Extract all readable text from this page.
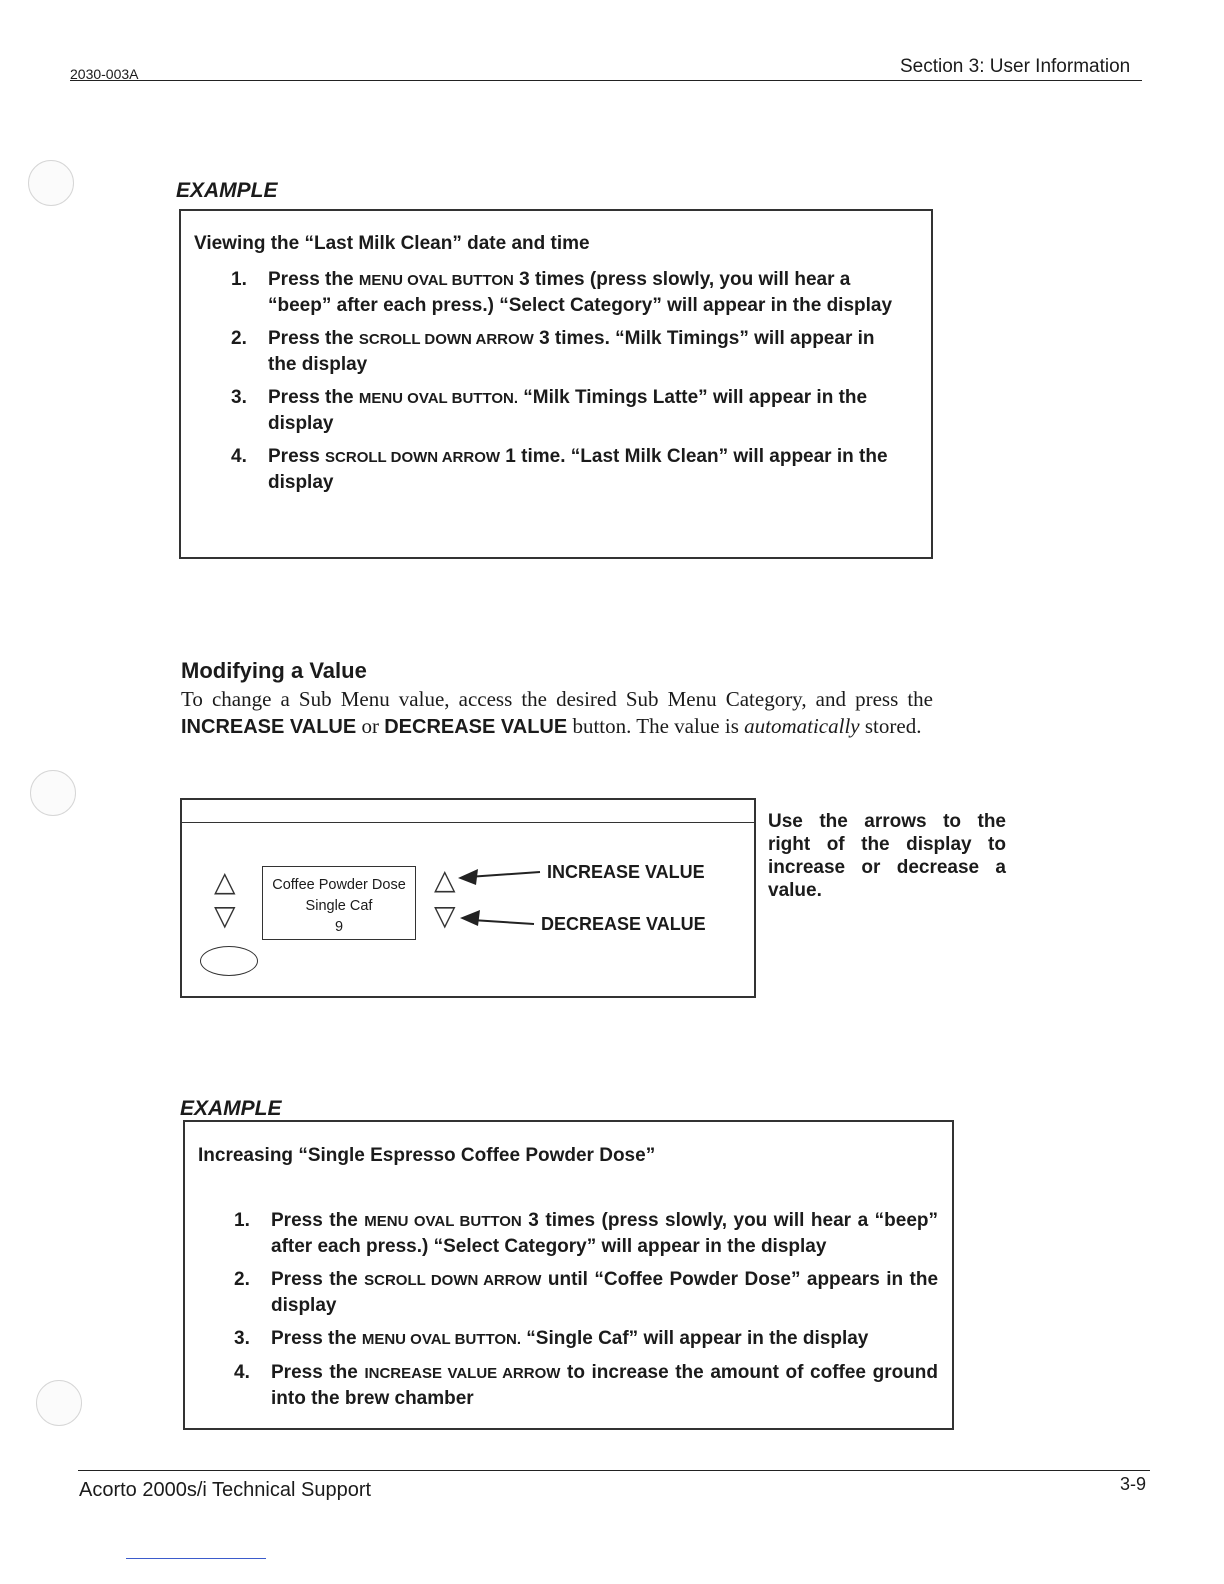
2030-003A	Section 3: User Information
EXAMPLE
Viewing the “Last Milk Clean” date and time
1. Press the MENU OVAL BUTTON 3 times (press slowly, you will hear a “beep” after each press.) “Select Category” will appear in the display
2. Press the SCROLL DOWN ARROW 3 times. “Milk Timings” will appear in the display
3. Press the MENU OVAL BUTTON. “Milk Timings Latte” will appear in the display
4. Press SCROLL DOWN ARROW 1 time. “Last Milk Clean” will appear in the display
Modifying a Value
To change a Sub Menu value, access the desired Sub Menu Category, and press the INCREASE VALUE or DECREASE VALUE button. The value is automatically stored.
△
▽
Coffee Powder Dose
Single Caf
9
△
▽
INCREASE VALUE
DECREASE VALUE
Use the arrows to the right of the display to increase or decrease a value.
EXAMPLE
Increasing “Single Espresso Coffee Powder Dose”
1. Press the MENU OVAL BUTTON 3 times (press slowly, you will hear a “beep” after each press.) “Select Category” will appear in the display
2. Press the SCROLL DOWN ARROW until “Coffee Powder Dose” appears in the display
3. Press the MENU OVAL BUTTON. “Single Caf” will appear in the display
4. Press the INCREASE VALUE ARROW to increase the amount of coffee ground into the brew chamber
Acorto 2000s/i Technical Support	3-9
